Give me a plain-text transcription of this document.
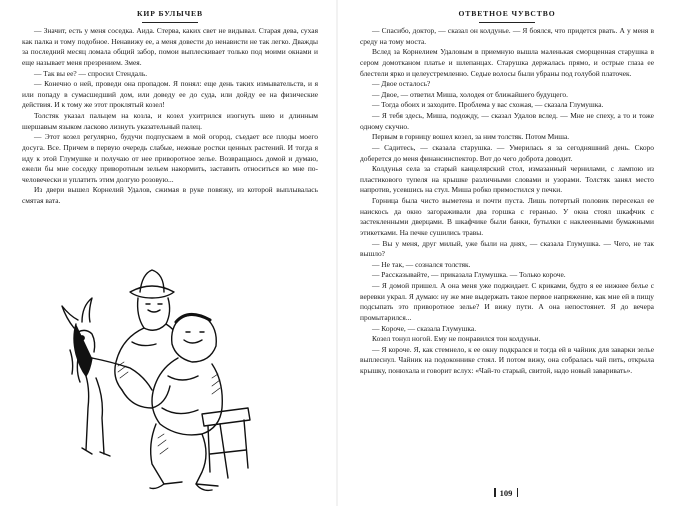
КИР БУЛЫЧЕВ

— Значит, есть у меня соседка. Аида. Стерва, каких свет не видывал. Старая дева, сухая как палка и тому подобное. Ненавижу ее, а меня довести до ненависти не так легко. Дважды за последний месяц ломала общий забор, помои выплескивает только под моими окнами и еще называет меня презрением. Змея.

— Так вы ее? — спросил Стендаль.

— Конечно о ней, проведи она пропадом. Я понял: еще день таких измывательств, и я или попаду в сумасшедший дом, или доведу ее до суда, или дойду ее на физические действия. И к тому же этот проклятый козел!

Толстяк указал пальцем на козла, и козел ухитрился изогнуть шею и длинным шершавым языком ласково лизнуть указательный палец.

— Этот козел регулярно, будучи подпускаем в мой огород, съедает все плоды моего досуга. Все. Причем в первую очередь слабые, нежные ростки ценных растений. И тогда я иду к этой Глумушке и получаю от нее приворотное зелье. Возвращаюсь домой и думаю, ежели бы мне соседку приворотным зельем накормить, заставить относиться ко мне по-человечески и уплатить этим долгую розовую...

Из двери вышел Корнелий Удалов, сжимая в руке повязку, из которой выплывалась смятая вата.

ОТВЕТНОЕ ЧУВСТВО

— Спасибо, доктор, — сказал он колдунье. — Я боялся, что придется рвать. А у меня в среду на тому моста.

Вслед за Корнелием Удаловым в приемную вышла маленькая сморщенная старушка в сером домотканом платье и шлепанцах. Старушка держалась прямо, и острые глаза ее блестели ярко и целеустремленно. Седые волосы были убраны под голубой платочек.

— Двое осталось?

— Двое, — ответил Миша, холодея от ближайшего будущего.

— Тогда обоих и заходите. Проблема у вас схожая, — сказала Глумушка.

— Я тебя здесь, Миша, подожду, — сказал Удалов вслед. — Мне не спеху, а то и тоже одному скучно.

Первым в горницу вошел козел, за ним толстяк. Потом Миша.

— Садитесь, — сказала старушка. — Умерилась я за сегодняшний день. Скоро доберется до меня финансинспектор. Вот до чего доброта доводит.

Колдунья села за старый канцелярский стол, измазанный чернилами, с лампою из пластикового тупеля на крышке различными словами и узорами. Толстяк занял место напротив, усевшись на стул. Миша робко примостился у печки.

Горница была чисто выметена и почти пуста. Лишь потертый половик пересекал ее наискось да окно загораживали два горшка с геранью. У окна стоял шкафчик с застекленными дверцами. В шкафчике были банки, бутылки с наклеенными бумажными этикетками. На печке сушились травы.

— Вы у меня, друг милый, уже были на днях, — сказала Глумушка. — Чего, не так вышло?

— Не так, — сознался толстяк.

— Рассказывайте, — приказала Глумушка. — Только короче.

— Я домой пришел. А она меня уже поджидает. С криками, будто я ее нижнее белье с веревки украл. Я думаю: ну же мне выдержать такое первое напряжение, как мне ей в пищу подсыпать это приворотное зелье? И вижу пути. А она непостоянет. Я до вечера промытарился...

— Короче, — сказала Глумушка.

Козел тонул ногой. Ему не понравился тон колдуньи.

— Я короче. Я, как стемнело, к ее окну подкрался и тогда ей в чайник для заварки зелье выплеснул. Чайник на подоконнике стоял. И потом вижу, она собралась чай пить, открыла крышку, понюхала и говорит вслух: «Чай-то старый, свитой, надо новый заваривать».

109
